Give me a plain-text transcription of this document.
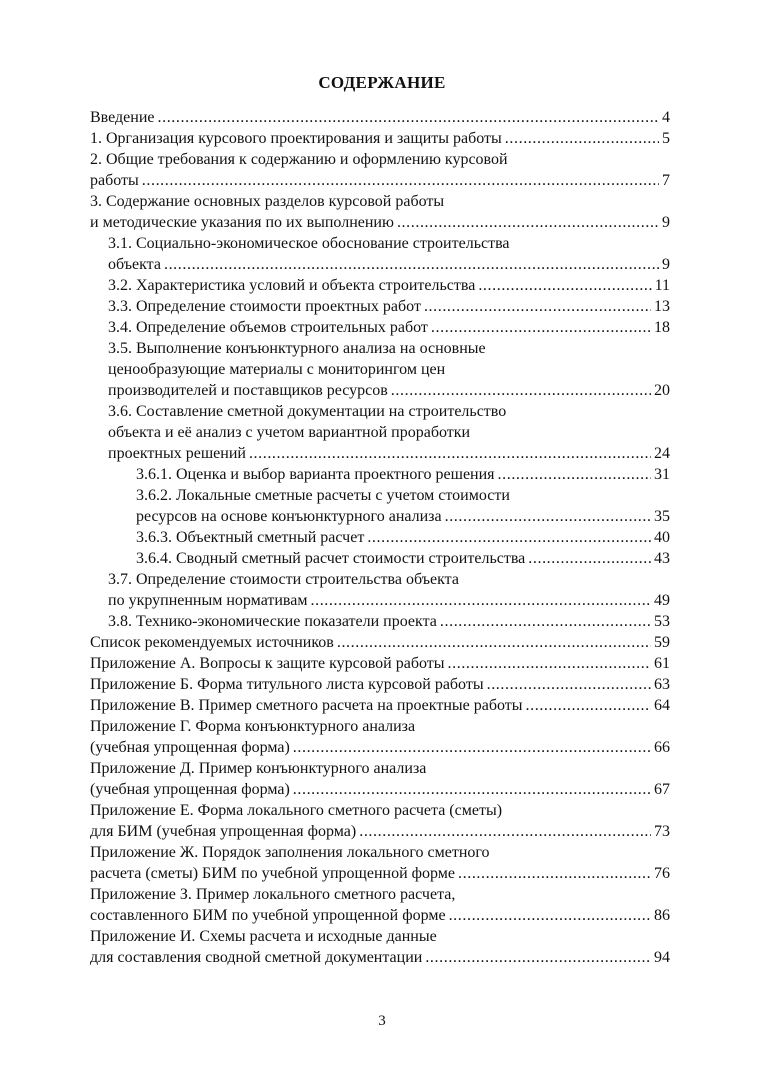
СОДЕРЖАНИЕ
Введение .....	4
1. Организация курсового проектирования и защиты работы .....	5
2. Общие требования к содержанию и оформлению курсовой
работы .....	7
3. Содержание основных разделов курсовой работы
и методические указания по их выполнению .....	9
3.1. Социально-экономическое обоснование строительства
объекта .....	9
3.2. Характеристика условий и объекта строительства .....	11
3.3. Определение стоимости проектных работ .....	13
3.4. Определение объемов строительных работ .....	18
3.5. Выполнение конъюнктурного анализа на основные
ценообразующие материалы с мониторингом цен
производителей и поставщиков ресурсов .....	20
3.6. Составление сметной документации на строительство
объекта и её анализ с учетом вариантной проработки
проектных решений .....	24
3.6.1. Оценка и выбор варианта проектного решения .....	31
3.6.2. Локальные сметные расчеты с учетом стоимости
ресурсов на основе конъюнктурного анализа .....	35
3.6.3. Объектный сметный расчет .....	40
3.6.4. Сводный сметный расчет стоимости строительства .....	43
3.7. Определение стоимости строительства объекта
по укрупненным нормативам .....	49
3.8. Технико-экономические показатели проекта .....	53
Список рекомендуемых источников .....	59
Приложение А. Вопросы к защите курсовой работы .....	61
Приложение Б. Форма титульного листа курсовой работы .....	63
Приложение В. Пример сметного расчета на проектные работы .....	64
Приложение Г. Форма конъюнктурного анализа
(учебная упрощенная форма) .....	66
Приложение Д. Пример конъюнктурного анализа
(учебная упрощенная форма) .....	67
Приложение Е. Форма локального сметного расчета (сметы)
для БИМ (учебная упрощенная форма) .....	73
Приложение Ж. Порядок заполнения локального сметного
расчета (сметы) БИМ по учебной упрощенной форме .....	76
Приложение З. Пример локального сметного расчета,
составленного БИМ по учебной упрощенной форме .....	86
Приложение И. Схемы расчета и исходные данные
для составления сводной сметной документации .....	94
3
